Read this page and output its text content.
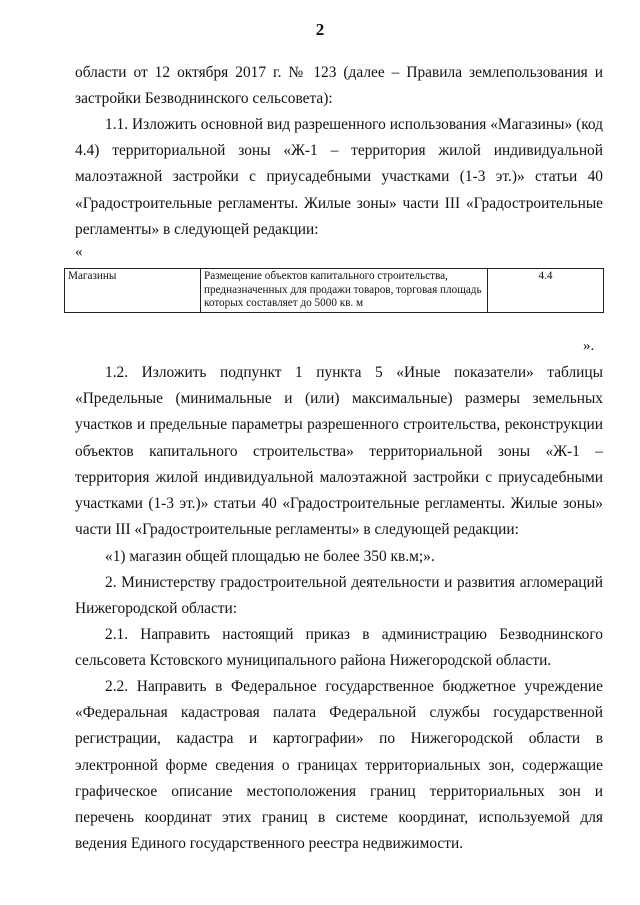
2
области от 12 октября 2017 г. № 123 (далее – Правила землепользования и застройки Безводнинского сельсовета):
1.1. Изложить основной вид разрешенного использования «Магазины» (код 4.4) территориальной зоны «Ж-1 – территория жилой индивидуальной малоэтажной застройки с приусадебными участками (1-3 эт.)» статьи 40 «Градостроительные регламенты. Жилые зоны» части III «Градостроительные регламенты» в следующей редакции:
«
Магазины	Размещение объектов капитального строительства, предназначенных для продажи товаров, торговая площадь которых составляет до 5000 кв. м	4.4
».
1.2. Изложить подпункт 1 пункта 5 «Иные показатели» таблицы «Предельные (минимальные и (или) максимальные) размеры земельных участков и предельные параметры разрешенного строительства, реконструкции объектов капитального строительства» территориальной зоны «Ж-1 – территория жилой индивидуальной малоэтажной застройки с приусадебными участками (1-3 эт.)» статьи 40 «Градостроительные регламенты. Жилые зоны» части III «Градостроительные регламенты» в следующей редакции:
«1) магазин общей площадью не более 350 кв.м;».
2. Министерству градостроительной деятельности и развития агломераций Нижегородской области:
2.1. Направить настоящий приказ в администрацию Безводнинского сельсовета Кстовского муниципального района Нижегородской области.
2.2. Направить в Федеральное государственное бюджетное учреждение «Федеральная кадастровая палата Федеральной службы государственной регистрации, кадастра и картографии» по Нижегородской области в электронной форме сведения о границах территориальных зон, содержащие графическое описание местоположения границ территориальных зон и перечень координат этих границ в системе координат, используемой для ведения Единого государственного реестра недвижимости.
